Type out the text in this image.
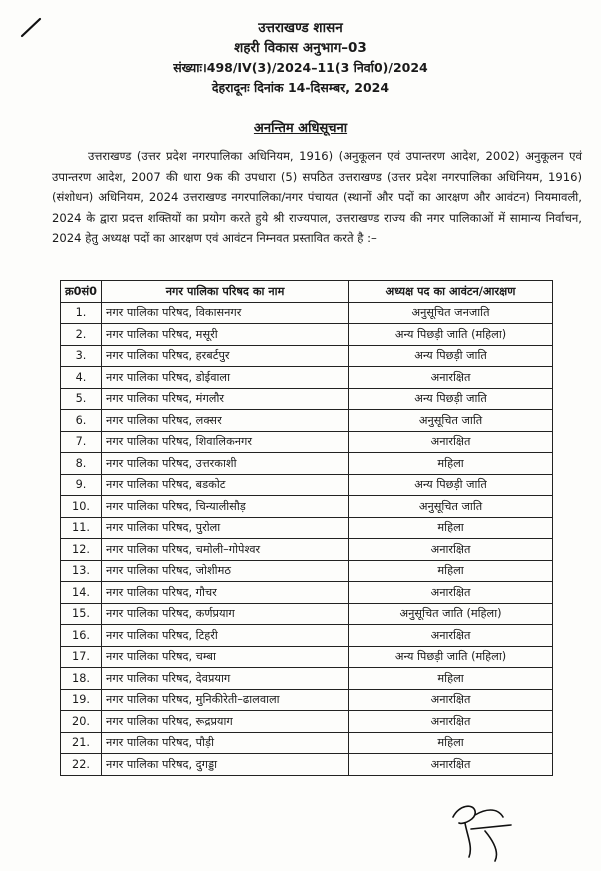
उत्तराखण्ड शासन
शहरी विकास अनुभाग–03
संख्याः।498/IV(3)/2024–11(3 निर्वा0)/2024
देहरादूनः दिनांक 14-दिसम्बर, 2024
अनन्तिम अधिसूचना

उत्तराखण्ड (उत्तर प्रदेश नगरपालिका अधिनियम, 1916) (अनुकूलन एवं उपान्तरण आदेश, 2002) अनुकूलन एवं उपान्तरण आदेश, 2007 की धारा 9क की उपधारा (5) सपठित उत्तराखण्ड (उत्तर प्रदेश नगरपालिका अधिनियम, 1916) (संशोधन) अधिनियम, 2024 उत्तराखण्ड नगरपालिका/नगर पंचायत (स्थानों और पदों का आरक्षण और आवंटन) नियमावली, 2024 के द्वारा प्रदत्त शक्तियों का प्रयोग करते हुये श्री राज्यपाल, उत्तराखण्ड राज्य की नगर पालिकाओं में सामान्य निर्वाचन, 2024 हेतु अध्यक्ष पदों का आरक्षण एवं आवंटन निम्नवत प्रस्तावित करते है :–

क्र0सं0	नगर पालिका परिषद का नाम	अध्यक्ष पद का आवंटन/आरक्षण
1.	नगर पालिका परिषद, विकासनगर	अनुसूचित जनजाति
2.	नगर पालिका परिषद, मसूरी	अन्य पिछड़ी जाति (महिला)
3.	नगर पालिका परिषद, हरबर्टपुर	अन्य पिछड़ी जाति
4.	नगर पालिका परिषद, डोईवाला	अनारक्षित
5.	नगर पालिका परिषद, मंगलौर	अन्य पिछड़ी जाति
6.	नगर पालिका परिषद, लक्सर	अनुसूचित जाति
7.	नगर पालिका परिषद, शिवालिकनगर	अनारक्षित
8.	नगर पालिका परिषद, उत्तरकाशी	महिला
9.	नगर पालिका परिषद, बडकोट	अन्य पिछड़ी जाति
10.	नगर पालिका परिषद, चिन्यालीसौड़	अनुसूचित जाति
11.	नगर पालिका परिषद, पुरोला	महिला
12.	नगर पालिका परिषद, चमोली–गोपेश्वर	अनारक्षित
13.	नगर पालिका परिषद, जोशीमठ	महिला
14.	नगर पालिका परिषद, गौचर	अनारक्षित
15.	नगर पालिका परिषद, कर्णप्रयाग	अनुसूचित जाति (महिला)
16.	नगर पालिका परिषद, टिहरी	अनारक्षित
17.	नगर पालिका परिषद, चम्बा	अन्य पिछड़ी जाति (महिला)
18.	नगर पालिका परिषद, देवप्रयाग	महिला
19.	नगर पालिका परिषद, मुनिकीरेती–ढालवाला	अनारक्षित
20.	नगर पालिका परिषद, रूद्रप्रयाग	अनारक्षित
21.	नगर पालिका परिषद, पौड़ी	महिला
22.	नगर पालिका परिषद, दुगड्डा	अनारक्षित
